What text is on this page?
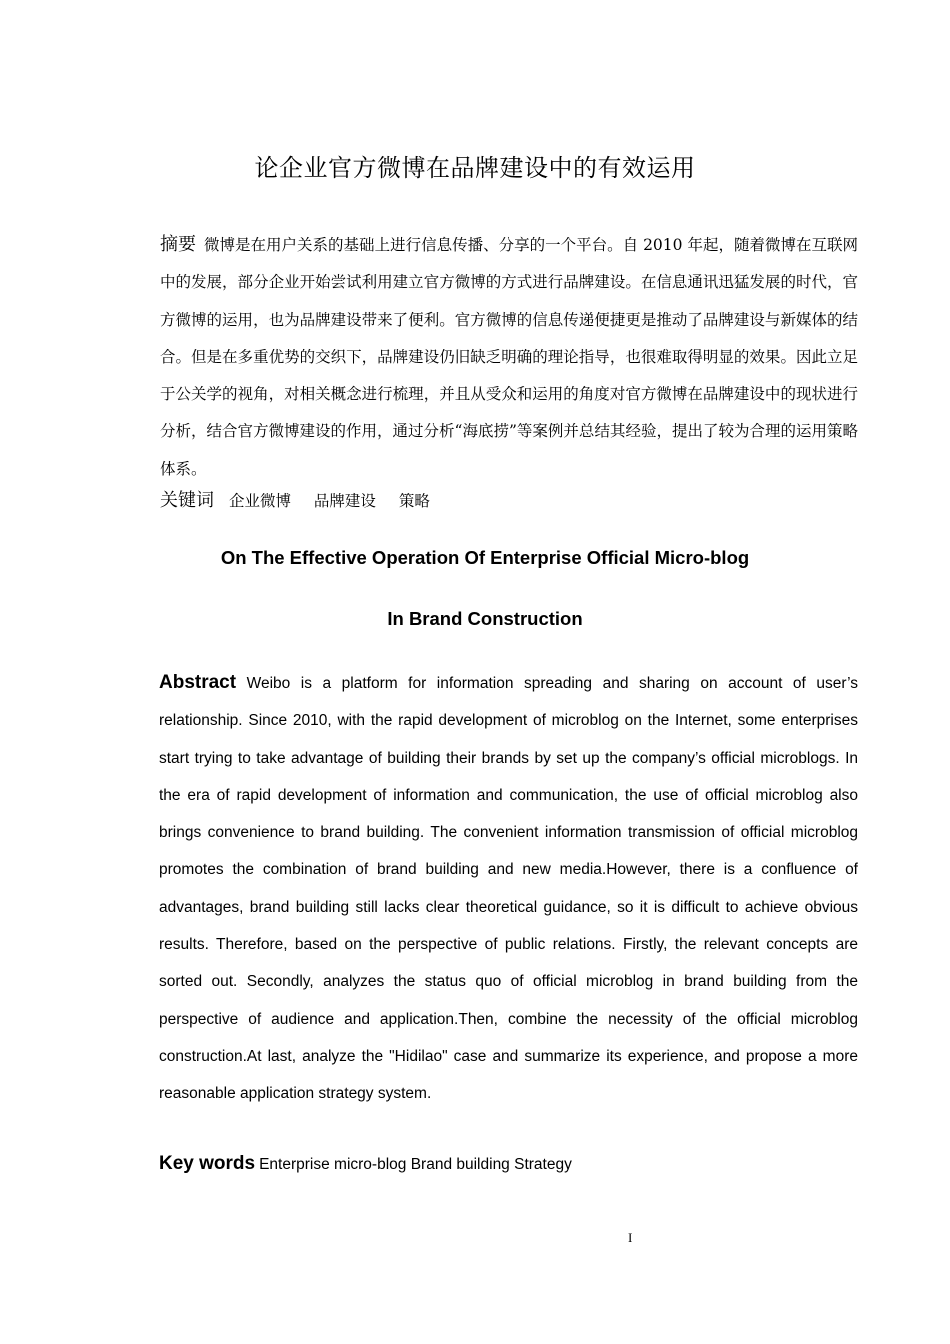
论企业官方微博在品牌建设中的有效运用
摘要 微博是在用户关系的基础上进行信息传播、分享的一个平台。自 2010 年起，随着微博在互联网中的发展，部分企业开始尝试利用建立官方微博的方式进行品牌建设。在信息通讯迅猛发展的时代，官方微博的运用，也为品牌建设带来了便利。官方微博的信息传递便捷更是推动了品牌建设与新媒体的结合。但是在多重优势的交织下，品牌建设仍旧缺乏明确的理论指导，也很难取得明显的效果。因此立足于公关学的视角，对相关概念进行梳理，并且从受众和运用的角度对官方微博在品牌建设中的现状进行分析，结合官方微博建设的作用，通过分析“海底捞”等案例并总结其经验，提出了较为合理的运用策略体系。
关键词 企业微博 品牌建设 策略
On The Effective Operation Of Enterprise Official Micro-blog
In Brand Construction
Abstract Weibo is a platform for information spreading and sharing on account of user’s relationship. Since 2010, with the rapid development of microblog on the Internet, some enterprises start trying to take advantage of building their brands by set up the company’s official microblogs. In the era of rapid development of information and communication, the use of official microblog also brings convenience to brand building. The convenient information transmission of official microblog promotes the combination of brand building and new media.However, there is a confluence of advantages, brand building still lacks clear theoretical guidance, so it is difficult to achieve obvious results. Therefore, based on the perspective of public relations. Firstly, the relevant concepts are sorted out. Secondly, analyzes the status quo of official microblog in brand building from the perspective of audience and application.Then, combine the necessity of the official microblog construction.At last, analyze the "Hidilao" case and summarize its experience, and propose a more reasonable application strategy system.
Key words Enterprise micro-blog Brand building Strategy
I
